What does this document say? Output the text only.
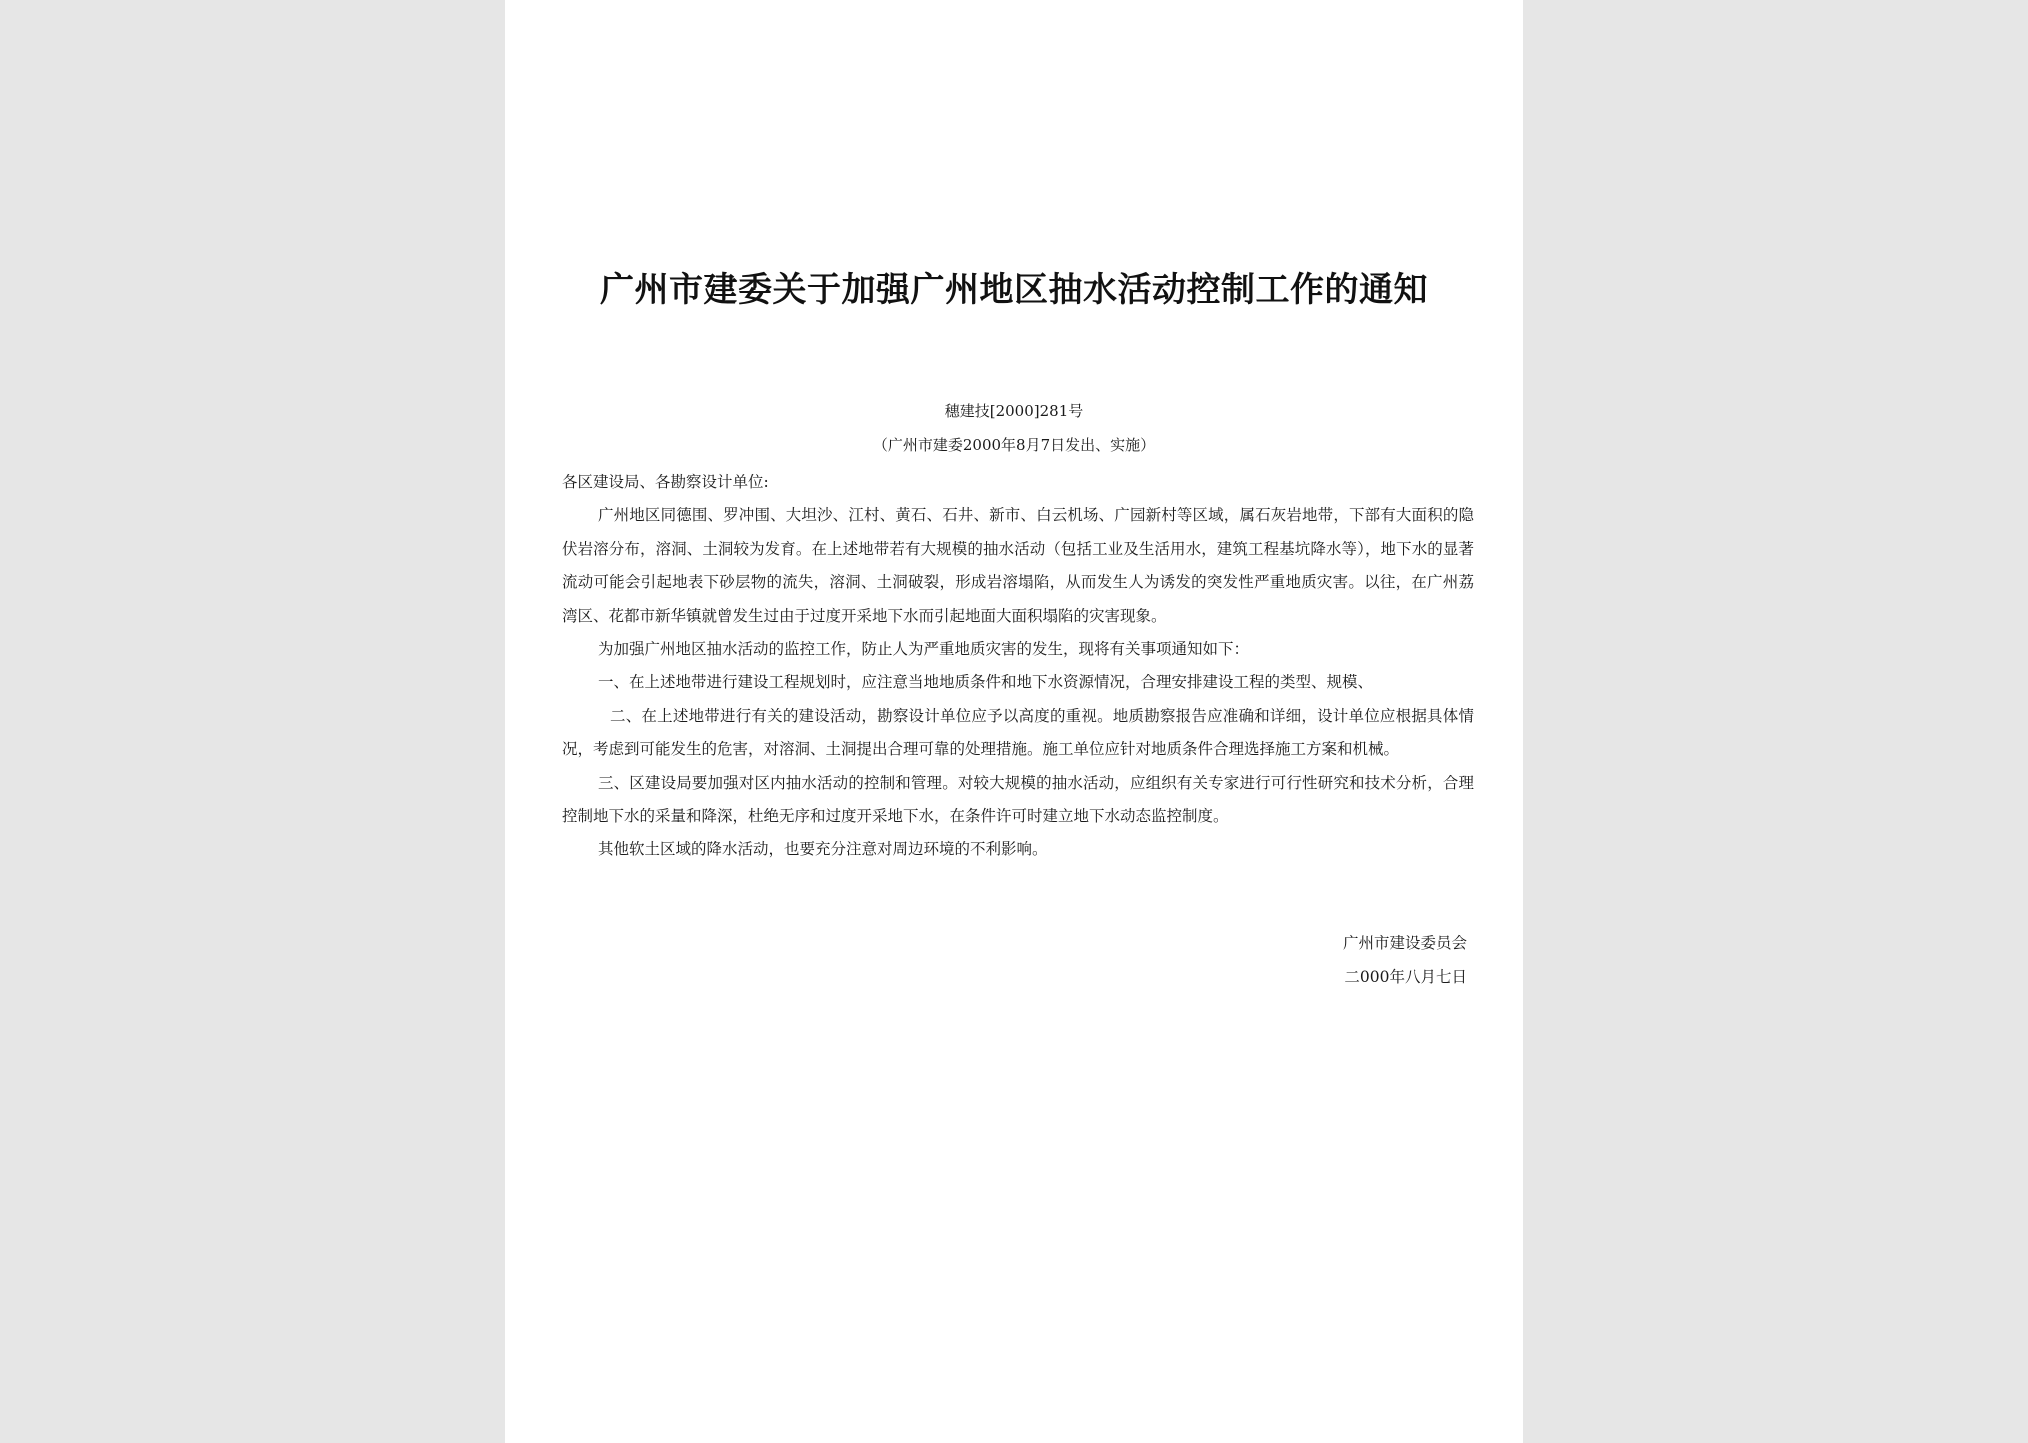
广州市建委关于加强广州地区抽水活动控制工作的通知
穗建技[2000]281号
（广州市建委2000年8月7日发出、实施）

各区建设局、各勘察设计单位:

广州地区同德围、罗冲围、大坦沙、江村、黄石、石井、新市、白云机场、广园新村等区域，属石灰岩地带，下部有大面积的隐伏岩溶分布，溶洞、土洞较为发育。在上述地带若有大规模的抽水活动（包括工业及生活用水，建筑工程基坑降水等），地下水的显著流动可能会引起地表下砂层物的流失，溶洞、土洞破裂，形成岩溶塌陷，从而发生人为诱发的突发性严重地质灾害。以往，在广州荔湾区、花都市新华镇就曾发生过由于过度开采地下水而引起地面大面积塌陷的灾害现象。

为加强广州地区抽水活动的监控工作，防止人为严重地质灾害的发生，现将有关事项通知如下：

一、在上述地带进行建设工程规划时，应注意当地地质条件和地下水资源情况，合理安排建设工程的类型、规模、

二、在上述地带进行有关的建设活动，勘察设计单位应予以高度的重视。地质勘察报告应准确和详细，设计单位应根据具体情况，考虑到可能发生的危害，对溶洞、土洞提出合理可靠的处理措施。施工单位应针对地质条件合理选择施工方案和机械。

三、区建设局要加强对区内抽水活动的控制和管理。对较大规模的抽水活动，应组织有关专家进行可行性研究和技术分析，合理控制地下水的采量和降深，杜绝无序和过度开采地下水，在条件许可时建立地下水动态监控制度。

其他软土区域的降水活动，也要充分注意对周边环境的不利影响。

广州市建设委员会
二000年八月七日
